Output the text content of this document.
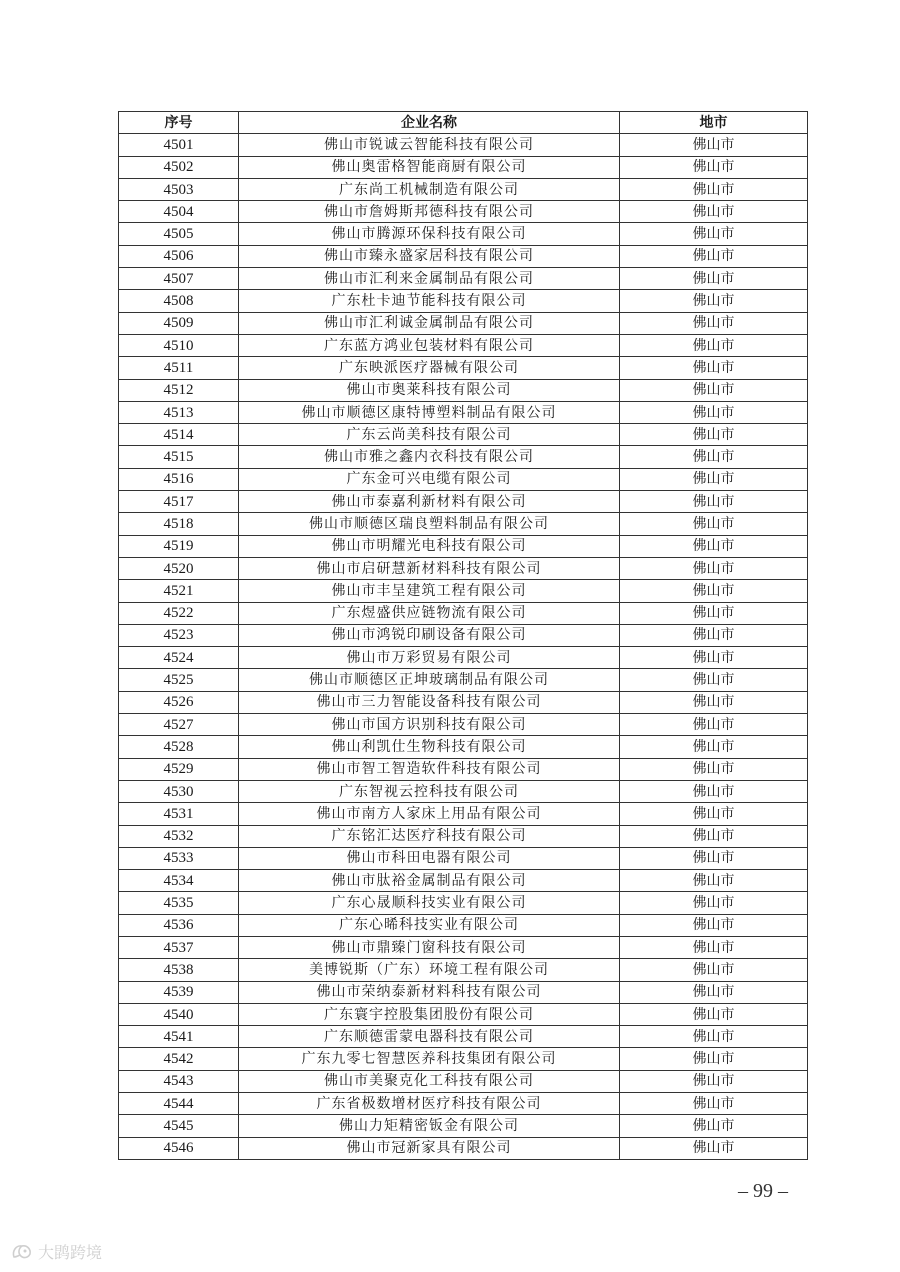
序号	企业名称	地市
4501	佛山市锐诚云智能科技有限公司	佛山市
4502	佛山奥雷格智能商厨有限公司	佛山市
4503	广东尚工机械制造有限公司	佛山市
4504	佛山市詹姆斯邦德科技有限公司	佛山市
4505	佛山市腾源环保科技有限公司	佛山市
4506	佛山市臻永盛家居科技有限公司	佛山市
4507	佛山市汇利来金属制品有限公司	佛山市
4508	广东杜卡迪节能科技有限公司	佛山市
4509	佛山市汇利诚金属制品有限公司	佛山市
4510	广东蓝方鸿业包装材料有限公司	佛山市
4511	广东映派医疗器械有限公司	佛山市
4512	佛山市奥莱科技有限公司	佛山市
4513	佛山市顺德区康特博塑料制品有限公司	佛山市
4514	广东云尚美科技有限公司	佛山市
4515	佛山市雅之鑫内衣科技有限公司	佛山市
4516	广东金可兴电缆有限公司	佛山市
4517	佛山市泰嘉利新材料有限公司	佛山市
4518	佛山市顺德区瑞良塑料制品有限公司	佛山市
4519	佛山市明耀光电科技有限公司	佛山市
4520	佛山市启研慧新材料科技有限公司	佛山市
4521	佛山市丰呈建筑工程有限公司	佛山市
4522	广东煜盛供应链物流有限公司	佛山市
4523	佛山市鸿锐印刷设备有限公司	佛山市
4524	佛山市万彩贸易有限公司	佛山市
4525	佛山市顺德区正坤玻璃制品有限公司	佛山市
4526	佛山市三力智能设备科技有限公司	佛山市
4527	佛山市国方识别科技有限公司	佛山市
4528	佛山利凯仕生物科技有限公司	佛山市
4529	佛山市智工智造软件科技有限公司	佛山市
4530	广东智视云控科技有限公司	佛山市
4531	佛山市南方人家床上用品有限公司	佛山市
4532	广东铭汇达医疗科技有限公司	佛山市
4533	佛山市科田电器有限公司	佛山市
4534	佛山市肽裕金属制品有限公司	佛山市
4535	广东心晟顺科技实业有限公司	佛山市
4536	广东心晞科技实业有限公司	佛山市
4537	佛山市鼎臻门窗科技有限公司	佛山市
4538	美博锐斯（广东）环境工程有限公司	佛山市
4539	佛山市荣纳泰新材料科技有限公司	佛山市
4540	广东寰宇控股集团股份有限公司	佛山市
4541	广东顺德雷蒙电器科技有限公司	佛山市
4542	广东九零七智慧医养科技集团有限公司	佛山市
4543	佛山市美聚克化工科技有限公司	佛山市
4544	广东省极数增材医疗科技有限公司	佛山市
4545	佛山力矩精密钣金有限公司	佛山市
4546	佛山市冠新家具有限公司	佛山市
– 99 –
大鹍跨境
